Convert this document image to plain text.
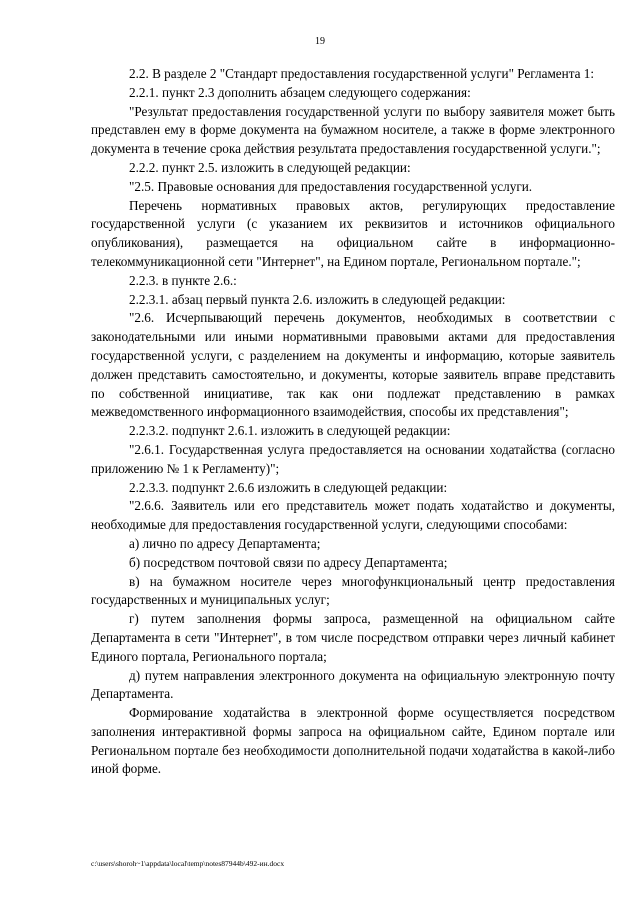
19

2.2. В разделе 2 "Стандарт предоставления государственной услуги" Регламента 1:

2.2.1. пункт 2.3 дополнить абзацем следующего содержания:

"Результат предоставления государственной услуги по выбору заявителя может быть представлен ему в форме документа на бумажном носителе, а также в форме электронного документа в течение срока действия результата предоставления государственной услуги.";

2.2.2. пункт 2.5. изложить в следующей редакции:

"2.5. Правовые основания для предоставления государственной услуги.

Перечень нормативных правовых актов, регулирующих предоставление государственной услуги (с указанием их реквизитов и источников официального опубликования), размещается на официальном сайте в информационно-телекоммуникационной сети "Интернет", на Едином портале, Региональном портале.";

2.2.3. в пункте 2.6.:

2.2.3.1. абзац первый пункта 2.6. изложить в следующей редакции:

"2.6. Исчерпывающий перечень документов, необходимых в соответствии с законодательными или иными нормативными правовыми актами для предоставления государственной услуги, с разделением на документы и информацию, которые заявитель должен представить самостоятельно, и документы, которые заявитель вправе представить по собственной инициативе, так как они подлежат представлению в рамках межведомственного информационного взаимодействия, способы их представления";

2.2.3.2. подпункт 2.6.1. изложить в следующей редакции:

"2.6.1. Государственная услуга предоставляется на основании ходатайства (согласно приложению № 1 к Регламенту)";

2.2.3.3. подпункт 2.6.6 изложить в следующей редакции:

"2.6.6. Заявитель или его представитель может подать ходатайство и документы, необходимые для предоставления государственной услуги, следующими способами:

а) лично по адресу Департамента;

б) посредством почтовой связи по адресу Департамента;

в) на бумажном носителе через многофункциональный центр предоставления государственных и муниципальных услуг;

г) путем заполнения формы запроса, размещенной на официальном сайте Департамента в сети "Интернет", в том числе посредством отправки через личный кабинет Единого портала, Регионального портала;

д) путем направления электронного документа на официальную электронную почту Департамента.

Формирование ходатайства в электронной форме осуществляется посредством заполнения интерактивной формы запроса на официальном сайте, Едином портале или Региональном портале без необходимости дополнительной подачи ходатайства в какой-либо иной форме.

c:\users\shoroh~1\appdata\local\temp\notes87944b\492-ин.docx
